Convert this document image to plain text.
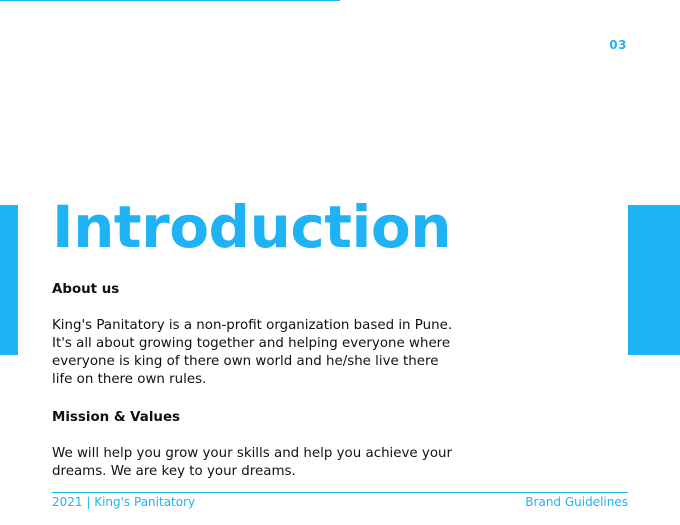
03
Introduction

About us

King's Panitatory is a non-profit organization based in Pune.

It's all about growing together and helping everyone where

everyone is king of there own world and he/she live there

life on there own rules.

Mission & Values

We will help you grow your skills and help you achieve your

dreams. We are key to your dreams.

2021 | King's Panitatory	Brand Guidelines
